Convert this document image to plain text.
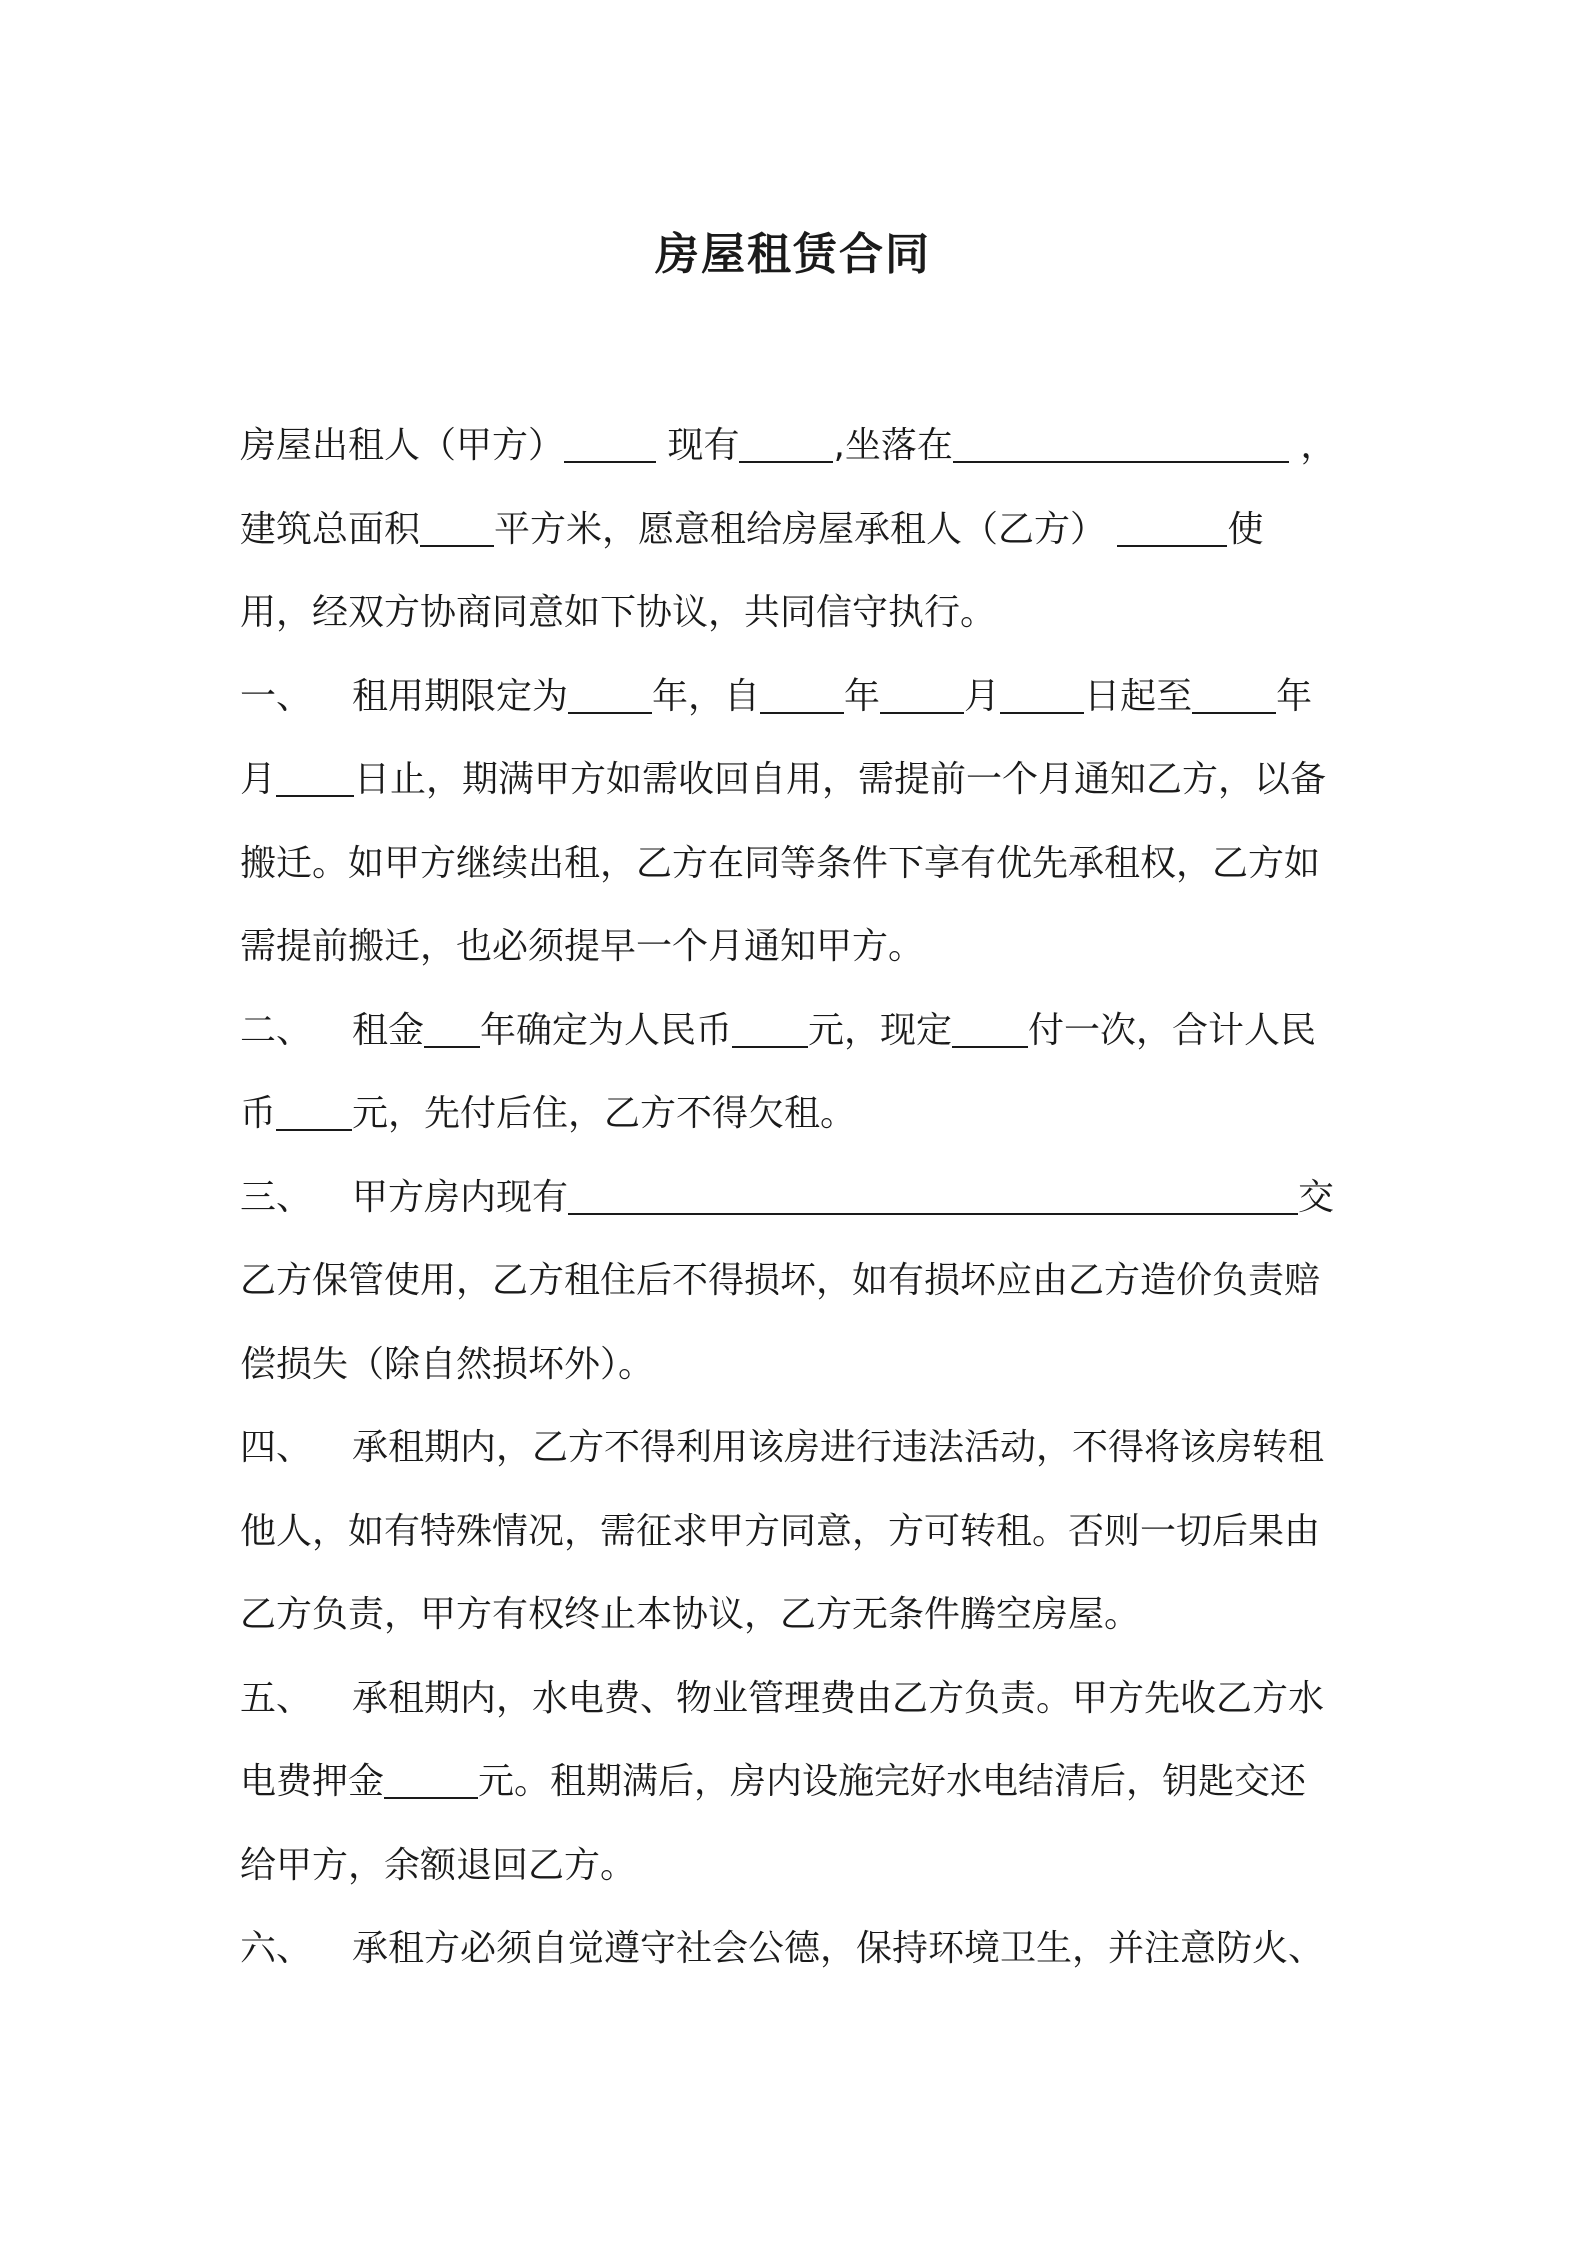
房屋租赁合同
房屋出租人（甲方）	现有	,坐落在	，
建筑总面积 平方米，愿意租给房屋承租人（乙方）	使
用，经双方协商同意如下协议，共同信守执行。
一、 租用期限定为 年，自 年 月 日起至 年
月 日止，期满甲方如需收回自用，需提前一个月通知乙方，以备
搬迁。如甲方继续出租，乙方在同等条件下享有优先承租权，乙方如
需提前搬迁，也必须提早一个月通知甲方。
二、 租金 年确定为人民币 元，现定 付一次，合计人民
币 元，先付后住，乙方不得欠租。
三、 甲方房内现有	交
乙方保管使用，乙方租住后不得损坏，如有损坏应由乙方造价负责赔
偿损失（除自然损坏外）。
四、 承租期内，乙方不得利用该房进行违法活动，不得将该房转租
他人，如有特殊情况，需征求甲方同意，方可转租。否则一切后果由
乙方负责，甲方有权终止本协议，乙方无条件腾空房屋。
五、 承租期内，水电费、物业管理费由乙方负责。甲方先收乙方水
电费押金	元。租期满后，房内设施完好水电结清后，钥匙交还
给甲方，余额退回乙方。
六、 承租方必须自觉遵守社会公德，保持环境卫生，并注意防火、
